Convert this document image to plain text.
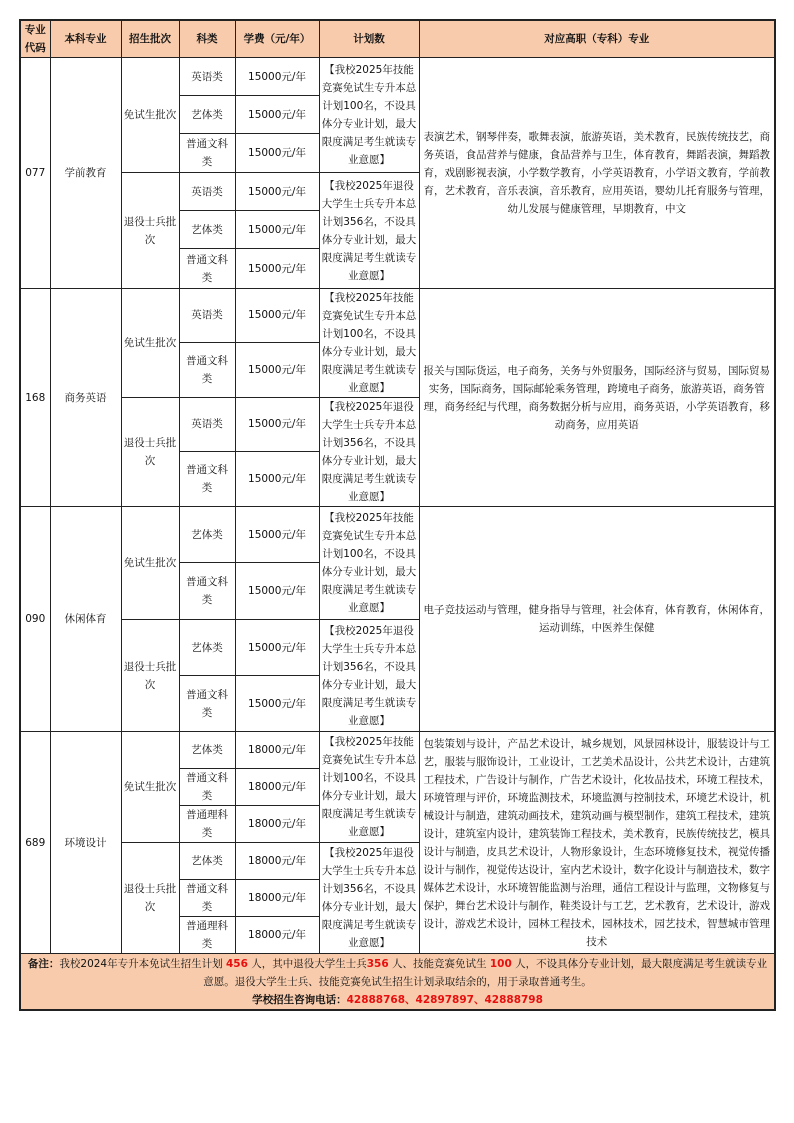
专业代码	本科专业	招生批次	科类	学费（元/年）	计划数	对应高职（专科）专业
077	学前教育	免试生批次	英语类	15000元/年	【我校2025年技能竞赛免试生专升本总计划100名，不设具体分专业计划，最大限度满足考生就读专业意愿】	表演艺术，钢琴伴奏，歌舞表演，旅游英语，美术教育，民族传统技艺，商务英语，食品营养与健康，食品营养与卫生，体育教育，舞蹈表演，舞蹈教育，戏剧影视表演，小学数学教育，小学英语教育，小学语文教育，学前教育，艺术教育，音乐表演，音乐教育，应用英语，婴幼儿托育服务与管理，幼儿发展与健康管理，早期教育，中文
			艺体类	15000元/年		
			普通文科类	15000元/年		
		退役士兵批次	英语类	15000元/年	【我校2025年退役大学生士兵专升本总计划356名，不设具体分专业计划，最大限度满足考生就读专业意愿】	
			艺体类	15000元/年		
			普通文科类	15000元/年		
168	商务英语	免试生批次	英语类	15000元/年	【我校2025年技能竞赛免试生专升本总计划100名，不设具体分专业计划，最大限度满足考生就读专业意愿】	报关与国际货运，电子商务，关务与外贸服务，国际经济与贸易，国际贸易实务，国际商务，国际邮轮乘务管理，跨境电子商务，旅游英语，商务管理，商务经纪与代理，商务数据分析与应用，商务英语，小学英语教育，移动商务，应用英语
			普通文科类	15000元/年		
		退役士兵批次	英语类	15000元/年	【我校2025年退役大学生士兵专升本总计划356名，不设具体分专业计划，最大限度满足考生就读专业意愿】	
			普通文科类	15000元/年		
090	休闲体育	免试生批次	艺体类	15000元/年	【我校2025年技能竞赛免试生专升本总计划100名，不设具体分专业计划，最大限度满足考生就读专业意愿】	电子竞技运动与管理，健身指导与管理，社会体育，体育教育，休闲体育，运动训练，中医养生保健
			普通文科类	15000元/年		
		退役士兵批次	艺体类	15000元/年	【我校2025年退役大学生士兵专升本总计划356名，不设具体分专业计划，最大限度满足考生就读专业意愿】	
			普通文科类	15000元/年		
689	环境设计	免试生批次	艺体类	18000元/年	【我校2025年技能竞赛免试生专升本总计划100名，不设具体分专业计划，最大限度满足考生就读专业意愿】	包装策划与设计，产品艺术设计，城乡规划，风景园林设计，服装设计与工艺，服装与服饰设计，工业设计，工艺美术品设计，公共艺术设计，古建筑工程技术，广告设计与制作，广告艺术设计，化妆品技术，环境工程技术，环境管理与评价，环境监测技术，环境监测与控制技术，环境艺术设计，机械设计与制造，建筑动画技术，建筑动画与模型制作，建筑工程技术，建筑设计，建筑室内设计，建筑装饰工程技术，美术教育，民族传统技艺，模具设计与制造，皮具艺术设计，人物形象设计，生态环境修复技术，视觉传播设计与制作，视觉传达设计，室内艺术设计，数字化设计与制造技术，数字媒体艺术设计，水环境智能监测与治理，通信工程设计与监理，文物修复与保护，舞台艺术设计与制作，鞋类设计与工艺，艺术教育，艺术设计，游戏设计，游戏艺术设计，园林工程技术，园林技术，园艺技术，智慧城市管理技术
			普通文科类	18000元/年		
			普通理科类	18000元/年		
		退役士兵批次	艺体类	18000元/年	【我校2025年退役大学生士兵专升本总计划356名，不设具体分专业计划，最大限度满足考生就读专业意愿】	
			普通文科类	18000元/年		
			普通理科类	18000元/年		
备注：我校2024年专升本免试生招生计划 456 人，其中退役大学生士兵356 人、技能竞赛免试生 100 人，不设具体分专业计划，最大限度满足考生就读专业意愿。退役大学生士兵、技能竞赛免试生招生计划录取结余的，用于录取普通考生。
学校招生咨询电话：42888768、42897897、42888798						
